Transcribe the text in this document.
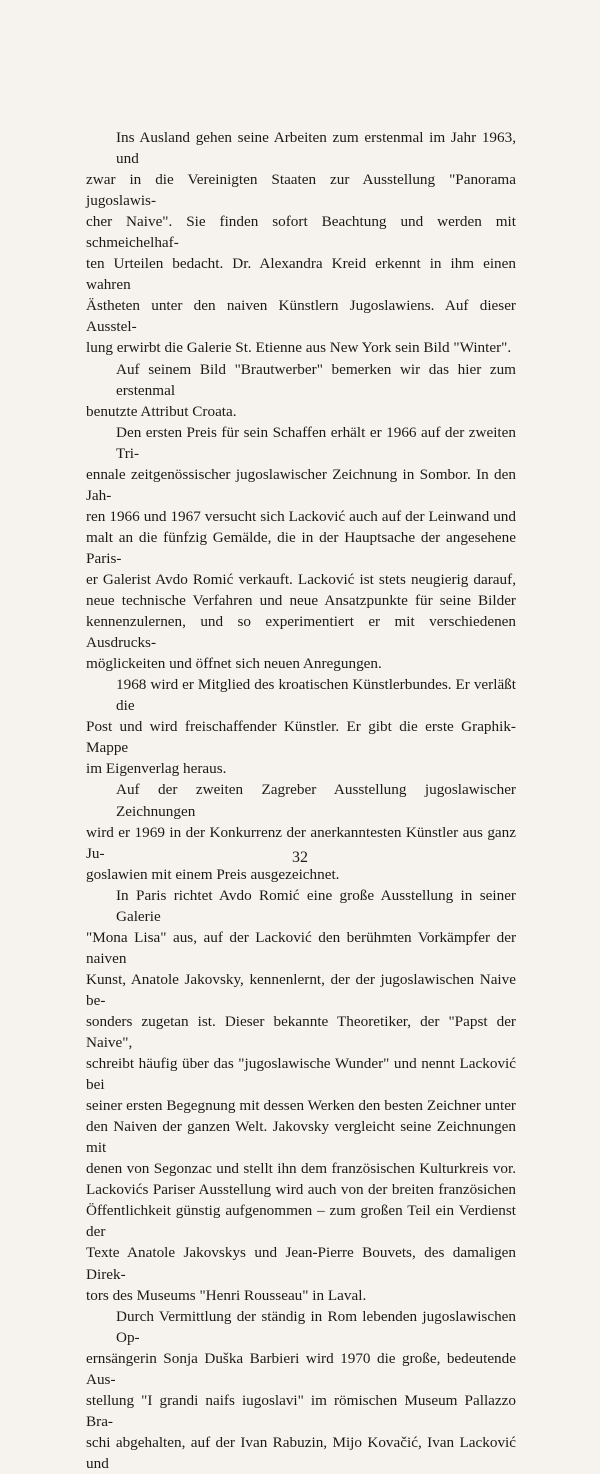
Ins Ausland gehen seine Arbeiten zum erstenmal im Jahr 1963, und
zwar in die Vereinigten Staaten zur Ausstellung "Panorama jugoslawis-
cher Naive". Sie finden sofort Beachtung und werden mit schmeichelhaf-
ten Urteilen bedacht. Dr. Alexandra Kreid erkennt in ihm einen wahren
Ästheten unter den naiven Künstlern Jugoslawiens. Auf dieser Ausstel-
lung erwirbt die Galerie St. Etienne aus New York sein Bild "Winter".

Auf seinem Bild "Brautwerber" bemerken wir das hier zum erstenmal
benutzte Attribut Croata.

Den ersten Preis für sein Schaffen erhält er 1966 auf der zweiten Tri-
ennale zeitgenössischer jugoslawischer Zeichnung in Sombor. In den Jah-
ren 1966 und 1967 versucht sich Lacković auch auf der Leinwand und
malt an die fünfzig Gemälde, die in der Hauptsache der angesehene Paris-
er Galerist Avdo Romić verkauft. Lacković ist stets neugierig darauf,
neue technische Verfahren und neue Ansatzpunkte für seine Bilder
kennenzulernen, und so experimentiert er mit verschiedenen Ausdrucks-
möglickeiten und öffnet sich neuen Anregungen.

1968 wird er Mitglied des kroatischen Künstlerbundes. Er verläßt die
Post und wird freischaffender Künstler. Er gibt die erste Graphik-Mappe
im Eigenverlag heraus.

Auf der zweiten Zagreber Ausstellung jugoslawischer Zeichnungen
wird er 1969 in der Konkurrenz der anerkanntesten Künstler aus ganz Ju-
goslawien mit einem Preis ausgezeichnet.

In Paris richtet Avdo Romić eine große Ausstellung in seiner Galerie
"Mona Lisa" aus, auf der Lacković den berühmten Vorkämpfer der naiven
Kunst, Anatole Jakovsky, kennenlernt, der der jugoslawischen Naive be-
sonders zugetan ist. Dieser bekannte Theoretiker, der "Papst der Naive",
schreibt häufig über das "jugoslawische Wunder" und nennt Lacković bei
seiner ersten Begegnung mit dessen Werken den besten Zeichner unter
den Naiven der ganzen Welt. Jakovsky vergleicht seine Zeichnungen mit
denen von Segonzac und stellt ihn dem französischen Kulturkreis vor.
Lackovićs Pariser Ausstellung wird auch von der breiten französichen
Öffentlichkeit günstig aufgenommen – zum großen Teil ein Verdienst der
Texte Anatole Jakovskys und Jean-Pierre Bouvets, des damaligen Direk-
tors des Museums "Henri Rousseau" in Laval.

Durch Vermittlung der ständig in Rom lebenden jugoslawischen Op-
ernsängerin Sonja Duška Barbieri wird 1970 die große, bedeutende Aus-
stellung "I grandi naifs iugoslavi" im römischen Museum Pallazzo Bra-
schi abgehalten, auf der Ivan Rabuzin, Mijo Kovačić, Ivan Lacković und

32
